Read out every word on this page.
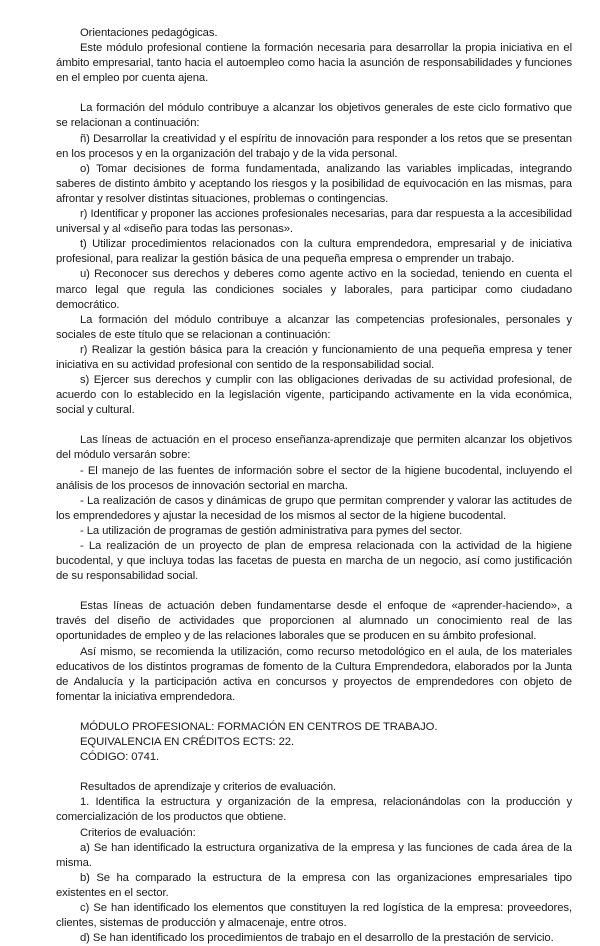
Orientaciones pedagógicas.

Este módulo profesional contiene la formación necesaria para desarrollar la propia iniciativa en el ámbito empresarial, tanto hacia el autoempleo como hacia la asunción de responsabilidades y funciones en el empleo por cuenta ajena.

La formación del módulo contribuye a alcanzar los objetivos generales de este ciclo formativo que se relacionan a continuación:

ñ) Desarrollar la creatividad y el espíritu de innovación para responder a los retos que se presentan en los procesos y en la organización del trabajo y de la vida personal.

o) Tomar decisiones de forma fundamentada, analizando las variables implicadas, integrando saberes de distinto ámbito y aceptando los riesgos y la posibilidad de equivocación en las mismas, para afrontar y resolver distintas situaciones, problemas o contingencias.

r) Identificar y proponer las acciones profesionales necesarias, para dar respuesta a la accesibilidad universal y al «diseño para todas las personas».

t) Utilizar procedimientos relacionados con la cultura emprendedora, empresarial y de iniciativa profesional, para realizar la gestión básica de una pequeña empresa o emprender un trabajo.

u) Reconocer sus derechos y deberes como agente activo en la sociedad, teniendo en cuenta el marco legal que regula las condiciones sociales y laborales, para participar como ciudadano democrático.

La formación del módulo contribuye a alcanzar las competencias profesionales, personales y sociales de este título que se relacionan a continuación:

r) Realizar la gestión básica para la creación y funcionamiento de una pequeña empresa y tener iniciativa en su actividad profesional con sentido de la responsabilidad social.

s) Ejercer sus derechos y cumplir con las obligaciones derivadas de su actividad profesional, de acuerdo con lo establecido en la legislación vigente, participando activamente en la vida económica, social y cultural.

Las líneas de actuación en el proceso enseñanza-aprendizaje que permiten alcanzar los objetivos del módulo versarán sobre:

- El manejo de las fuentes de información sobre el sector de la higiene bucodental, incluyendo el análisis de los procesos de innovación sectorial en marcha.

- La realización de casos y dinámicas de grupo que permitan comprender y valorar las actitudes de los emprendedores y ajustar la necesidad de los mismos al sector de la higiene bucodental.

- La utilización de programas de gestión administrativa para pymes del sector.

- La realización de un proyecto de plan de empresa relacionada con la actividad de la higiene bucodental, y que incluya todas las facetas de puesta en marcha de un negocio, así como justificación de su responsabilidad social.

Estas líneas de actuación deben fundamentarse desde el enfoque de «aprender-haciendo», a través del diseño de actividades que proporcionen al alumnado un conocimiento real de las oportunidades de empleo y de las relaciones laborales que se producen en su ámbito profesional.

Así mismo, se recomienda la utilización, como recurso metodológico en el aula, de los materiales educativos de los distintos programas de fomento de la Cultura Emprendedora, elaborados por la Junta de Andalucía y la participación activa en concursos y proyectos de emprendedores con objeto de fomentar la iniciativa emprendedora.

MÓDULO PROFESIONAL: FORMACIÓN EN CENTROS DE TRABAJO.

EQUIVALENCIA EN CRÉDITOS ECTS: 22.

CÓDIGO: 0741.

Resultados de aprendizaje y criterios de evaluación.

1. Identifica la estructura y organización de la empresa, relacionándolas con la producción y comercialización de los productos que obtiene.

Criterios de evaluación:

a) Se han identificado la estructura organizativa de la empresa y las funciones de cada área de la misma.

b) Se ha comparado la estructura de la empresa con las organizaciones empresariales tipo existentes en el sector.

c) Se han identificado los elementos que constituyen la red logística de la empresa: proveedores, clientes, sistemas de producción y almacenaje, entre otros.

d) Se han identificado los procedimientos de trabajo en el desarrollo de la prestación de servicio.
